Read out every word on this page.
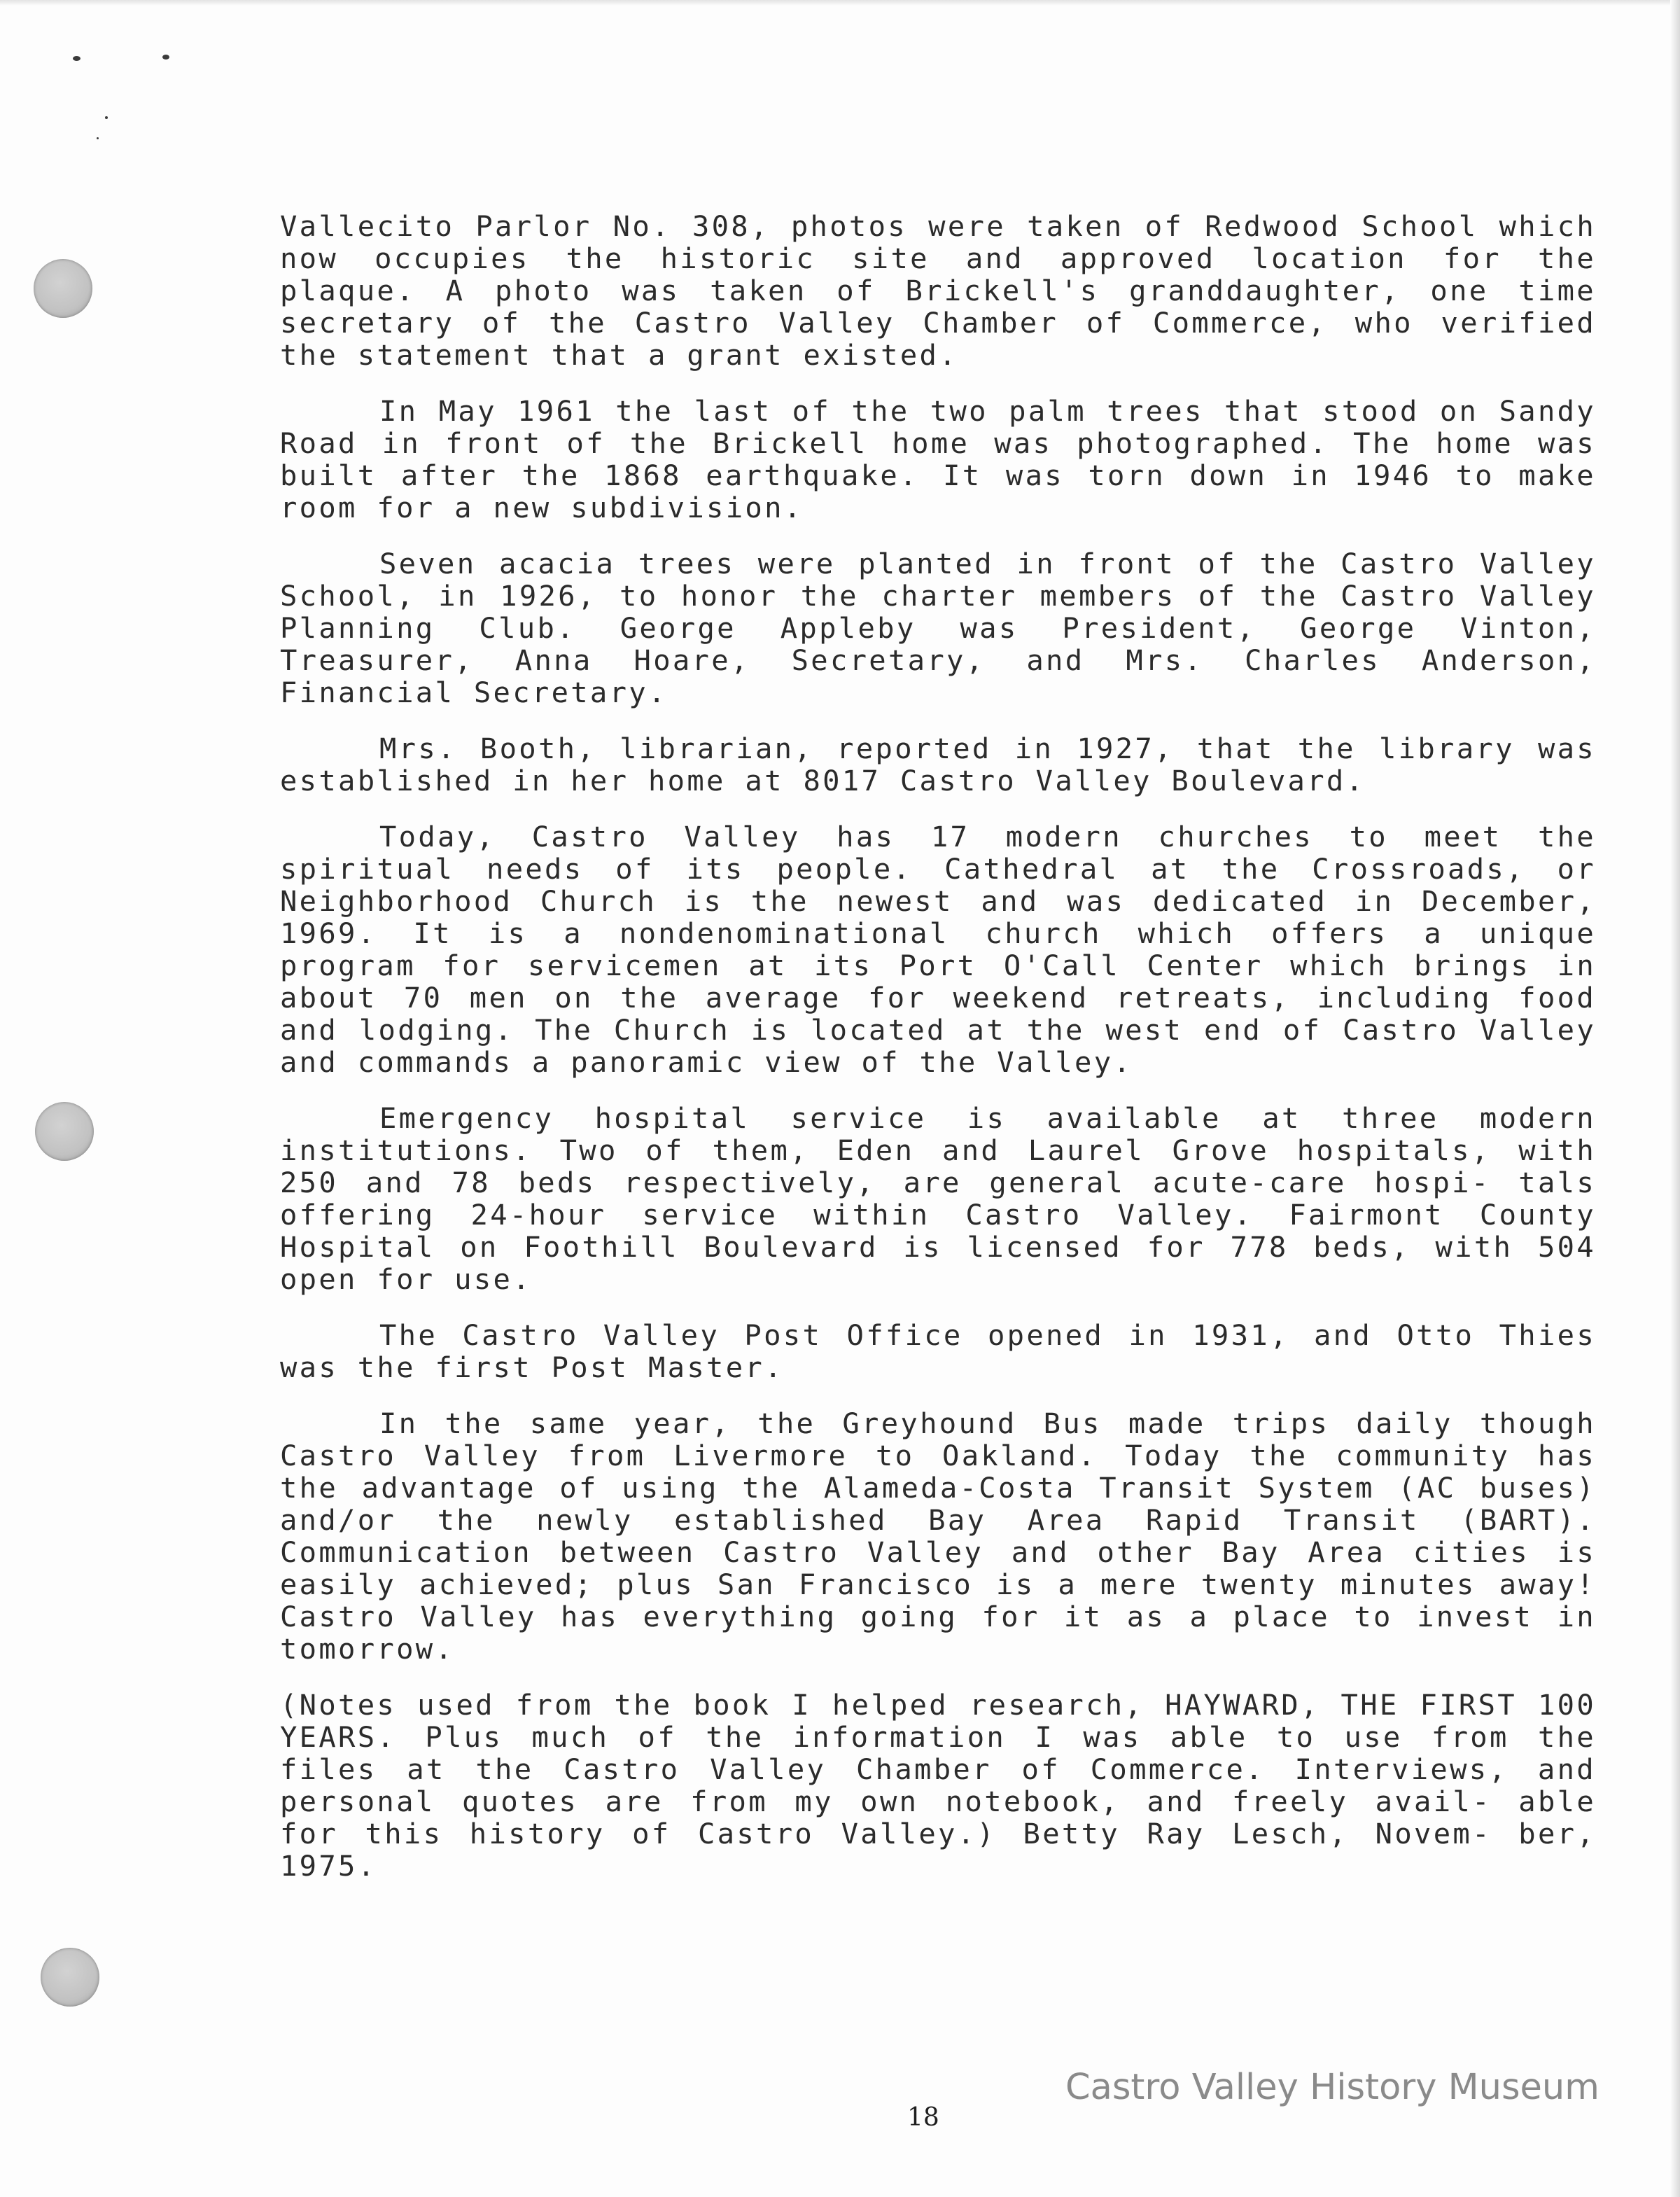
Vallecito Parlor No. 308, photos were taken of Redwood School which now occupies the historic site and approved location for the plaque. A photo was taken of Brickell's granddaughter, one time secretary of the Castro Valley Chamber of Commerce, who verified the statement that a grant existed.

In May 1961 the last of the two palm trees that stood on Sandy Road in front of the Brickell home was photographed. The home was built after the 1868 earthquake. It was torn down in 1946 to make room for a new subdivision.

Seven acacia trees were planted in front of the Castro Valley School, in 1926, to honor the charter members of the Castro Valley Planning Club. George Appleby was President, George Vinton, Treasurer, Anna Hoare, Secretary, and Mrs. Charles Anderson, Financial Secretary.

Mrs. Booth, librarian, reported in 1927, that the library was established in her home at 8017 Castro Valley Boulevard.

Today, Castro Valley has 17 modern churches to meet the spiritual needs of its people. Cathedral at the Crossroads, or Neighborhood Church is the newest and was dedicated in December, 1969. It is a nondenominational church which offers a unique program for servicemen at its Port O'Call Center which brings in about 70 men on the average for weekend retreats, including food and lodging. The Church is located at the west end of Castro Valley and commands a panoramic view of the Valley.

Emergency hospital service is available at three modern institutions. Two of them, Eden and Laurel Grove hospitals, with 250 and 78 beds respectively, are general acute-care hospi- tals offering 24-hour service within Castro Valley. Fairmont County Hospital on Foothill Boulevard is licensed for 778 beds, with 504 open for use.

The Castro Valley Post Office opened in 1931, and Otto Thies was the first Post Master.

In the same year, the Greyhound Bus made trips daily though Castro Valley from Livermore to Oakland. Today the community has the advantage of using the Alameda-Costa Transit System (AC buses) and/or the newly established Bay Area Rapid Transit (BART). Communication between Castro Valley and other Bay Area cities is easily achieved; plus San Francisco is a mere twenty minutes away! Castro Valley has everything going for it as a place to invest in tomorrow.

(Notes used from the book I helped research, HAYWARD, THE FIRST 100 YEARS. Plus much of the information I was able to use from the files at the Castro Valley Chamber of Commerce. Interviews, and personal quotes are from my own notebook, and freely avail- able for this history of Castro Valley.) Betty Ray Lesch, Novem- ber, 1975.

Castro Valley History Museum
18
